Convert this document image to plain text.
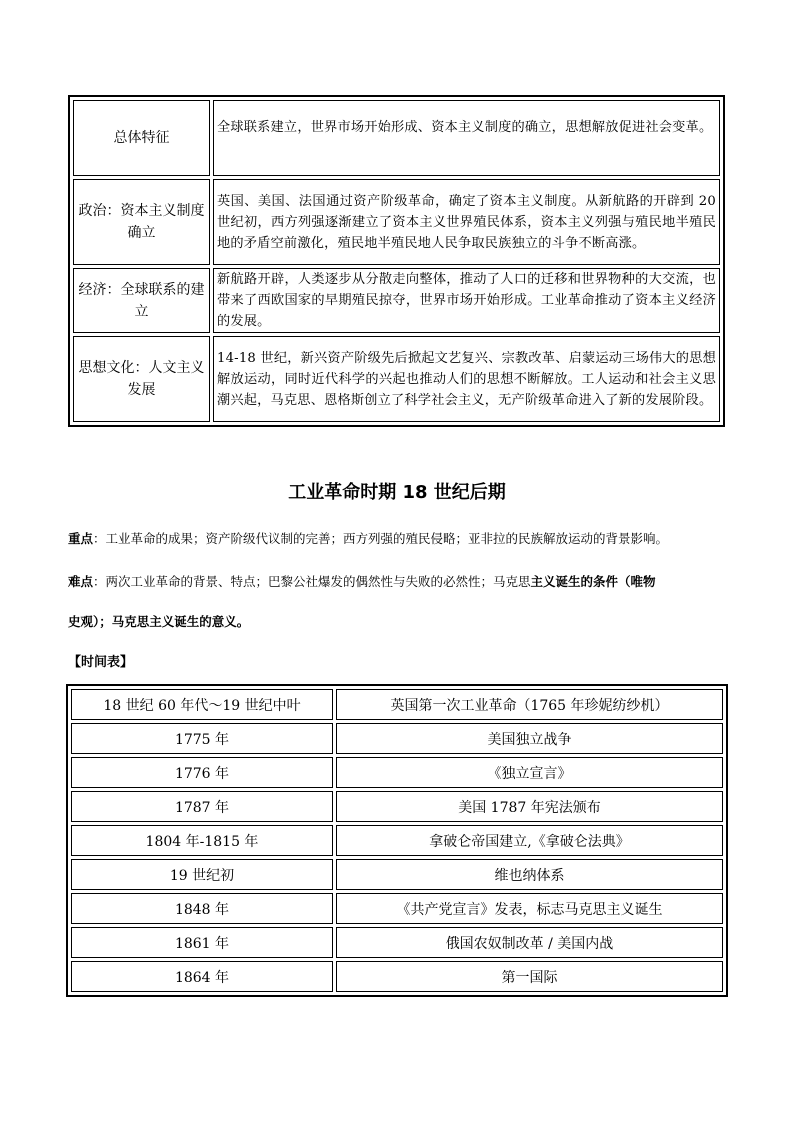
总体特征	全球联系建立，世界市场开始形成、资本主义制度的确立，思想解放促进社会变革。
政治：资本主义制度确立	英国、美国、法国通过资产阶级革命，确定了资本主义制度。从新航路的开辟到 20 世纪初，西方列强逐渐建立了资本主义世界殖民体系，资本主义列强与殖民地半殖民地的矛盾空前激化，殖民地半殖民地人民争取民族独立的斗争不断高涨。
经济：全球联系的建立	新航路开辟，人类逐步从分散走向整体，推动了人口的迁移和世界物种的大交流，也带来了西欧国家的早期殖民掠夺，世界市场开始形成。工业革命推动了资本主义经济的发展。
思想文化：人文主义发展	14-18 世纪，新兴资产阶级先后掀起文艺复兴、宗教改革、启蒙运动三场伟大的思想解放运动，同时近代科学的兴起也推动人们的思想不断解放。工人运动和社会主义思潮兴起，马克思、恩格斯创立了科学社会主义，无产阶级革命进入了新的发展阶段。
工业革命时期 18 世纪后期
重点：工业革命的成果；资产阶级代议制的完善；西方列强的殖民侵略；亚非拉的民族解放运动的背景影响。
难点：两次工业革命的背景、特点；巴黎公社爆发的偶然性与失败的必然性；马克思主义诞生的条件（唯物
史观）；马克思主义诞生的意义。
【时间表】
18 世纪 60 年代～19 世纪中叶	英国第一次工业革命（1765 年珍妮纺纱机）
1775 年	美国独立战争
1776 年	《独立宣言》
1787 年	美国 1787 年宪法颁布
1804 年-1815 年	拿破仑帝国建立,《拿破仑法典》
19 世纪初	维也纳体系
1848 年	《共产党宣言》发表，标志马克思主义诞生
1861 年	俄国农奴制改革 / 美国内战
1864 年	第一国际
